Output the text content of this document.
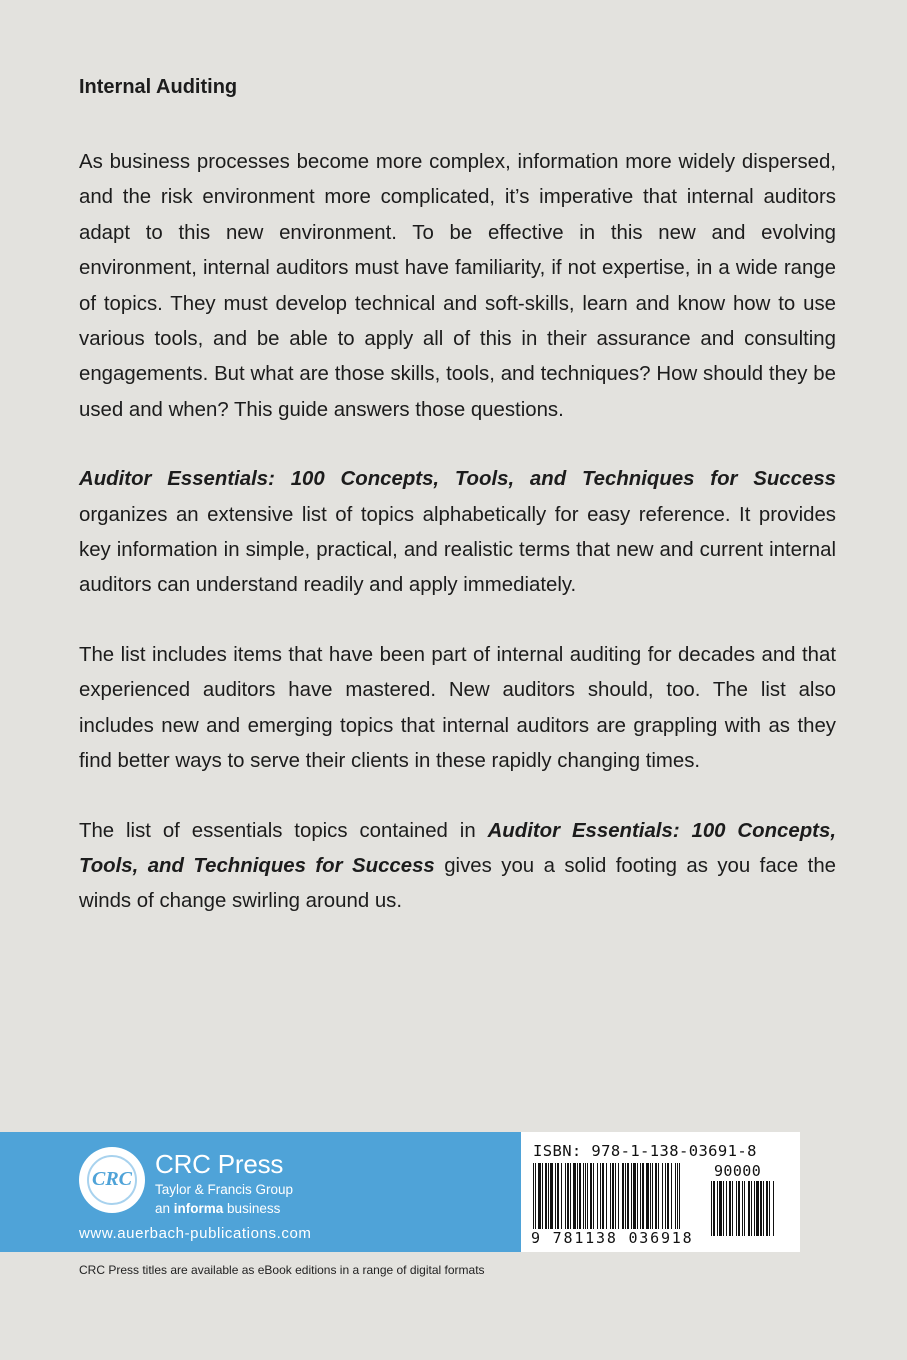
Internal Auditing

As business processes become more complex, information more widely dispersed, and the risk environment more complicated, it’s imperative that internal auditors adapt to this new environment. To be effective in this new and evolving environment, internal auditors must have familiarity, if not expertise, in a wide range of topics. They must develop technical and soft-skills, learn and know how to use various tools, and be able to apply all of this in their assurance and consulting engagements. But what are those skills, tools, and techniques? How should they be used and when? This guide answers those questions.

Auditor Essentials: 100 Concepts, Tools, and Techniques for Success organizes an extensive list of topics alphabetically for easy reference. It provides key information in simple, practical, and realistic terms that new and current internal auditors can understand readily and apply immediately.

The list includes items that have been part of internal auditing for decades and that experienced auditors have mastered. New auditors should, too. The list also includes new and emerging topics that internal auditors are grappling with as they find better ways to serve their clients in these rapidly changing times.

The list of essentials topics contained in Auditor Essentials: 100 Concepts, Tools, and Techniques for Success gives you a solid footing as you face the winds of change swirling around us.

CRC CRC Press
Taylor & Francis Group
an informa business
www.auerbach-publications.com
ISBN: 978-1-138-03691-8
90000
9 781138 036918
CRC Press titles are available as eBook editions in a range of digital formats
